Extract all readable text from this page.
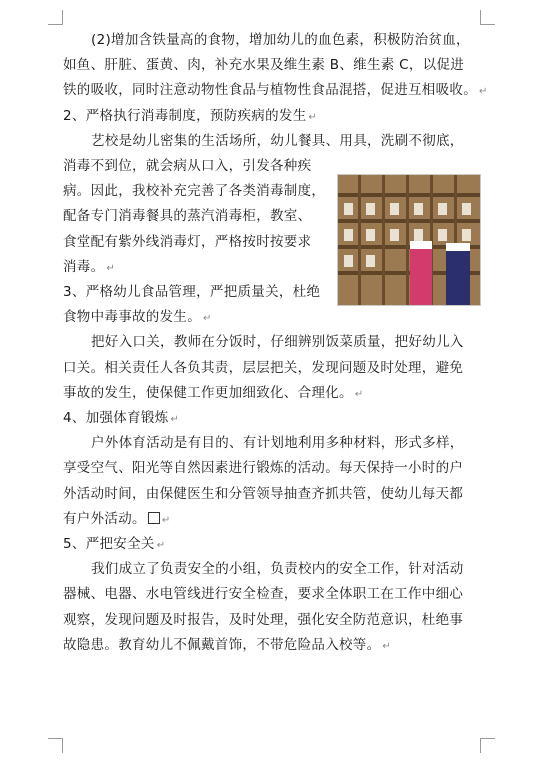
(2)增加含铁量高的食物，增加幼儿的血色素，积极防治贫血，
如鱼、肝脏、蛋黄、肉，补充水果及维生素 B、维生素 C，以促进
铁的吸收，同时注意动物性食品与植物性食品混搭，促进互相吸收。 ↵
2、严格执行消毒制度，预防疾病的发生 ↵
艺校是幼儿密集的生活场所，幼儿餐具、用具，洗刷不彻底，
消毒不到位，就会病从口入，引发各种疾
病。因此，我校补充完善了各类消毒制度，
配备专门消毒餐具的蒸汽消毒柜，教室、
食堂配有紫外线消毒灯，严格按时按要求
消毒。 ↵
3、严格幼儿食品管理，严把质量关，杜绝
食物中毒事故的发生。 ↵
把好入口关，教师在分饭时，仔细辨别饭菜质量，把好幼儿入
口关。相关责任人各负其责，层层把关，发现问题及时处理，避免
事故的发生，使保健工作更加细致化、合理化。 ↵
4、加强体育锻炼 ↵
户外体育活动是有目的、有计划地利用多种材料，形式多样，
享受空气、阳光等自然因素进行锻炼的活动。每天保持一小时的户
外活动时间，由保健医生和分管领导抽查齐抓共管，使幼儿每天都
有户外活动。 ↵
5、严把安全关 ↵
我们成立了负责安全的小组，负责校内的安全工作，针对活动
器械、电器、水电管线进行安全检查，要求全体职工在工作中细心
观察，发现问题及时报告，及时处理，强化安全防范意识，杜绝事
故隐患。教育幼儿不佩戴首饰，不带危险品入校等。 ↵
